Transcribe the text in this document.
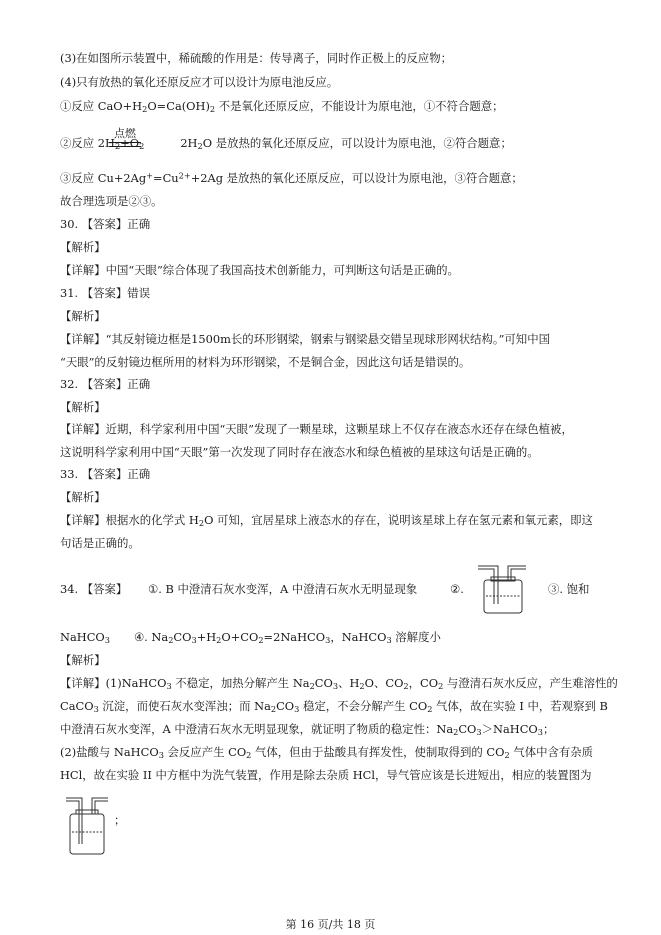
(3)在如图所示装置中，稀硫酸的作用是：传导离子，同时作正极上的反应物；
(4)只有放热的氧化还原反应才可以设计为原电池反应。
①反应 $CaO+H_2O=Ca(OH)_2$ 不是氧化还原反应，不能设计为原电池，①不符合题意；
点燃
②反应 $2H_2+O_2$	$2H_2O$ 是放热的氧化还原反应，可以设计为原电池，②符合题意；
③反应 $Cu+2Ag^+=Cu^{2+}+2Ag$ 是放热的氧化还原反应，可以设计为原电池，③符合题意；
故合理选项是②③。
30. 【答案】正确
【解析】
【详解】中国“天眼”综合体现了我国高技术创新能力，可判断这句话是正确的。
31. 【答案】错误
【解析】
【详解】“其反射镜边框是1500m长的环形钢梁，钢索与钢梁悬交错呈现球形网状结构。”可知中国
“天眼”的反射镜边框所用的材料为环形钢梁，不是铜合金，因此这句话是错误的。
32. 【答案】正确
【解析】
【详解】近期，科学家利用中国“天眼”发现了一颗星球，这颗星球上不仅存在液态水还存在绿色植被，
这说明科学家利用中国“天眼”第一次发现了同时存在液态水和绿色植被的星球这句话是正确的。
33. 【答案】正确
【解析】
【详解】根据水的化学式 $H_2O$ 可知，宜居星球上液态水的存在，说明该星球上存在氢元素和氧元素，即这
句话是正确的。
34. 【答案】 ①. B 中澄清石灰水变浑，A 中澄清石灰水无明显现象	②.	③. 饱和
NaHCO$_3$ ④. $Na_2CO_3+H_2O+CO_2=2NaHCO_3$，NaHCO$_3$ 溶解度小
【解析】
【详解】(1)NaHCO$_3$ 不稳定，加热分解产生 $Na_2CO_3$、$H_2O$、$CO_2$，$CO_2$ 与澄清石灰水反应，产生难溶性的
CaCO$_3$ 沉淀，而使石灰水变浑浊；而 $Na_2CO_3$ 稳定，不会分解产生 $CO_2$ 气体，故在实验 I 中，若观察到 B
中澄清石灰水变浑，A 中澄清石灰水无明显现象，就证明了物质的稳定性：$Na_2CO_3>NaHCO_3$；
(2)盐酸与 NaHCO$_3$ 会反应产生 $CO_2$ 气体，但由于盐酸具有挥发性，使制取得到的 $CO_2$ 气体中含有杂质
HCl，故在实验 II 中方框中为洗气装置，作用是除去杂质 HCl，导气管应该是长进短出，相应的装置图为
；
第 16 页/共 18 页
